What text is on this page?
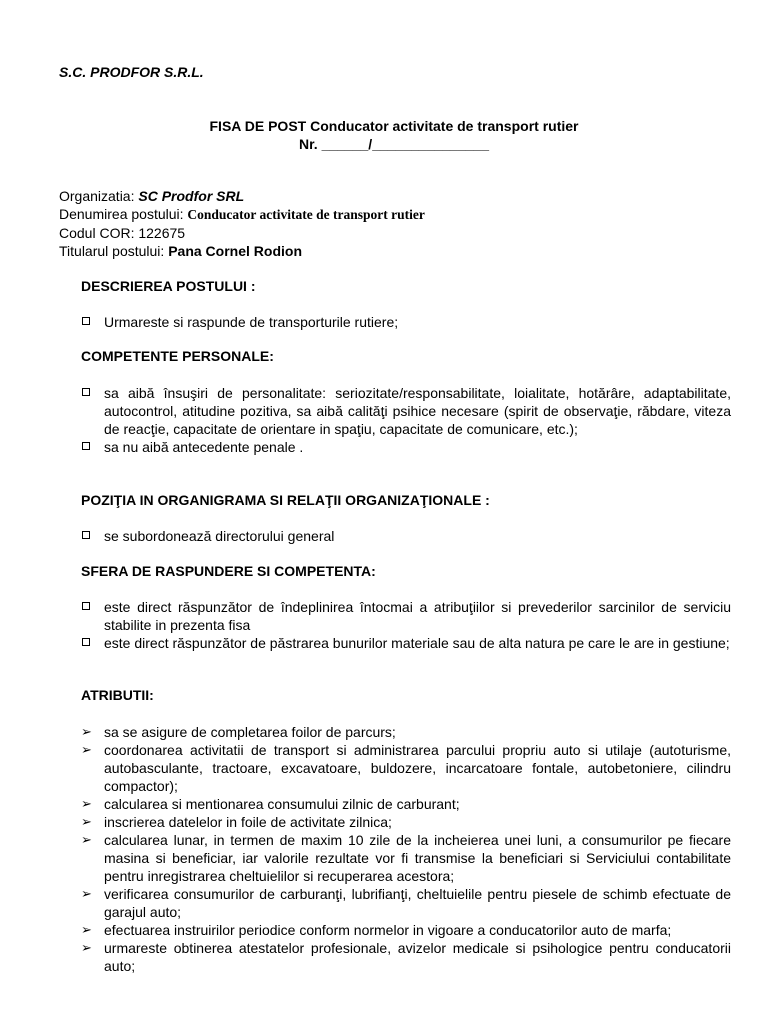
S.C. PRODFOR S.R.L.
FISA DE POST Conducator activitate de transport rutier
Nr. ______/_______________
Organizatia: SC Prodfor SRL
Denumirea postului: Conducator activitate de transport rutier
Codul COR: 122675
Titularul postului: Pana Cornel Rodion
DESCRIEREA POSTULUI :
Urmareste si raspunde de transporturile rutiere;
COMPETENTE PERSONALE:
sa aibă însuşiri de personalitate: seriozitate/responsabilitate, loialitate, hotărâre, adaptabilitate, autocontrol, atitudine pozitiva, sa aibă calităţi psihice necesare (spirit de observaţie, răbdare, viteza de reacţie, capacitate de orientare in spaţiu, capacitate de comunicare, etc.);
sa nu aibă antecedente penale .
POZIŢIA IN ORGANIGRAMA SI RELAŢII ORGANIZAŢIONALE :
se subordonează directorului general
SFERA DE RASPUNDERE SI COMPETENTA:
este direct răspunzător de îndeplinirea întocmai a atribuţiilor si prevederilor sarcinilor de serviciu stabilite in prezenta fisa
este direct răspunzător de păstrarea bunurilor materiale sau de alta natura pe care le are in gestiune;
ATRIBUTII:
➢ sa se asigure de completarea foilor de parcurs;
➢ coordonarea activitatii de transport si administrarea parcului propriu auto si utilaje (autoturisme, autobasculante, tractoare, excavatoare, buldozere, incarcatoare fontale, autobetoniere, cilindru compactor);
➢ calcularea si mentionarea consumului zilnic de carburant;
➢ inscrierea datelelor in foile de activitate zilnica;
➢ calcularea lunar, in termen de maxim 10 zile de la incheierea unei luni, a consumurilor pe fiecare masina si beneficiar, iar valorile rezultate vor fi transmise la beneficiari si Serviciului contabilitate pentru inregistrarea cheltuielilor si recuperarea acestora;
➢ verificarea consumurilor de carburanţi, lubrifianţi, cheltuielile pentru piesele de schimb efectuate de garajul auto;
➢ efectuarea instruirilor periodice conform normelor in vigoare a conducatorilor auto de marfa;
➢ urmareste obtinerea atestatelor profesionale, avizelor medicale si psihologice pentru conducatorii auto;
